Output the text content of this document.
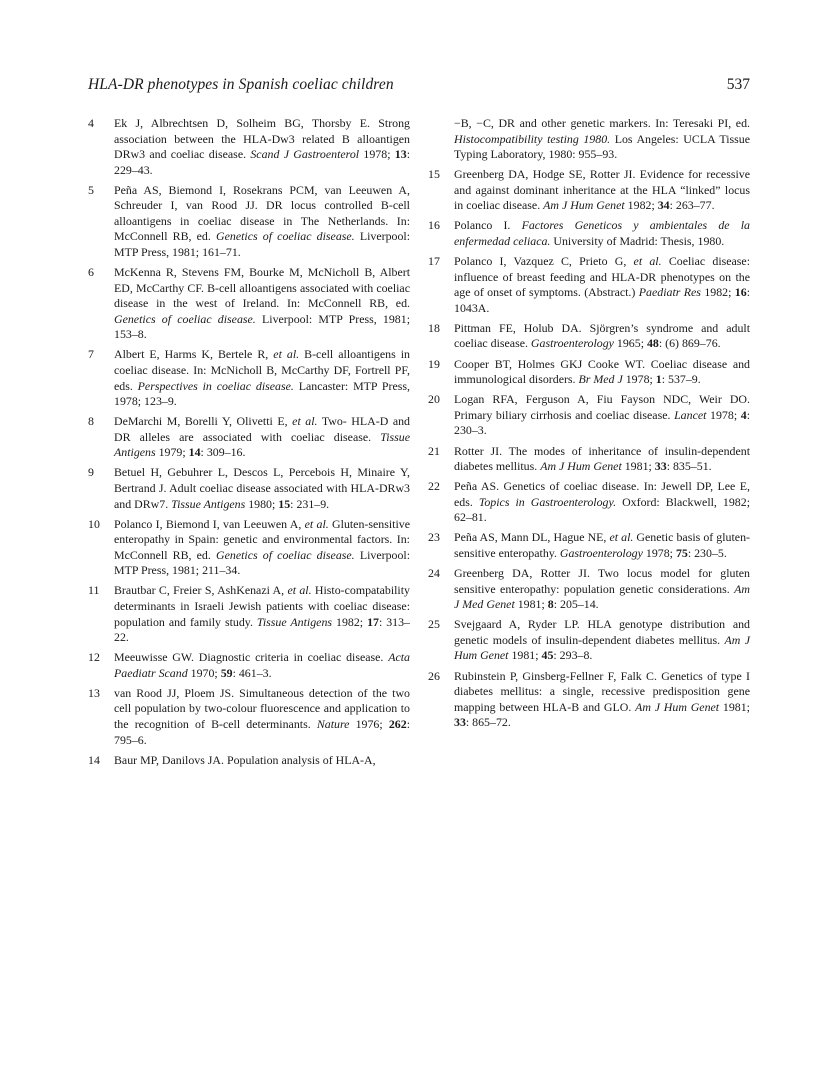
HLA-DR phenotypes in Spanish coeliac children	537
4	Ek J, Albrechtsen D, Solheim BG, Thorsby E. Strong association between the HLA-Dw3 related B alloantigen DRw3 and coeliac disease. Scand J Gastroenterol 1978; 13: 229–43.
5	Peña AS, Biemond I, Rosekrans PCM, van Leeuwen A, Schreuder I, van Rood JJ. DR locus controlled B-cell alloantigens in coeliac disease in The Netherlands. In: McConnell RB, ed. Genetics of coeliac disease. Liverpool: MTP Press, 1981; 161–71.
6	McKenna R, Stevens FM, Bourke M, McNicholl B, Albert ED, McCarthy CF. B-cell alloantigens associated with coeliac disease in the west of Ireland. In: McConnell RB, ed. Genetics of coeliac disease. Liverpool: MTP Press, 1981; 153–8.
7	Albert E, Harms K, Bertele R, et al. B-cell alloantigens in coeliac disease. In: McNicholl B, McCarthy DF, Fortrell PF, eds. Perspectives in coeliac disease. Lancaster: MTP Press, 1978; 123–9.
8	DeMarchi M, Borelli Y, Olivetti E, et al. Two- HLA-D and DR alleles are associated with coeliac disease. Tissue Antigens 1979; 14: 309–16.
9	Betuel H, Gebuhrer L, Descos L, Percebois H, Minaire Y, Bertrand J. Adult coeliac disease associated with HLA-DRw3 and DRw7. Tissue Antigens 1980; 15: 231–9.
10	Polanco I, Biemond I, van Leeuwen A, et al. Gluten-sensitive enteropathy in Spain: genetic and environmental factors. In: McConnell RB, ed. Genetics of coeliac disease. Liverpool: MTP Press, 1981; 211–34.
11	Brautbar C, Freier S, AshKenazi A, et al. Histo-compatability determinants in Israeli Jewish patients with coeliac disease: population and family study. Tissue Antigens 1982; 17: 313–22.
12	Meeuwisse GW. Diagnostic criteria in coeliac disease. Acta Paediatr Scand 1970; 59: 461–3.
13	van Rood JJ, Ploem JS. Simultaneous detection of the two cell population by two-colour fluorescence and application to the recognition of B-cell determinants. Nature 1976; 262: 795–6.
14	Baur MP, Danilovs JA. Population analysis of HLA-A,
−B, −C, DR and other genetic markers. In: Teresaki PI, ed. Histocompatibility testing 1980. Los Angeles: UCLA Tissue Typing Laboratory, 1980: 955–93.
15	Greenberg DA, Hodge SE, Rotter JI. Evidence for recessive and against dominant inheritance at the HLA “linked” locus in coeliac disease. Am J Hum Genet 1982; 34: 263–77.
16	Polanco I. Factores Geneticos y ambientales de la enfermedad celiaca. University of Madrid: Thesis, 1980.
17	Polanco I, Vazquez C, Prieto G, et al. Coeliac disease: influence of breast feeding and HLA-DR phenotypes on the age of onset of symptoms. (Abstract.) Paediatr Res 1982; 16: 1043A.
18	Pittman FE, Holub DA. Sjörgren’s syndrome and adult coeliac disease. Gastroenterology 1965; 48: (6) 869–76.
19	Cooper BT, Holmes GKJ Cooke WT. Coeliac disease and immunological disorders. Br Med J 1978; 1: 537–9.
20	Logan RFA, Ferguson A, Fiu Fayson NDC, Weir DO. Primary biliary cirrhosis and coeliac disease. Lancet 1978; 4: 230–3.
21	Rotter JI. The modes of inheritance of insulin-dependent diabetes mellitus. Am J Hum Genet 1981; 33: 835–51.
22	Peña AS. Genetics of coeliac disease. In: Jewell DP, Lee E, eds. Topics in Gastroenterology. Oxford: Blackwell, 1982; 62–81.
23	Peña AS, Mann DL, Hague NE, et al. Genetic basis of gluten-sensitive enteropathy. Gastroenterology 1978; 75: 230–5.
24	Greenberg DA, Rotter JI. Two locus model for gluten sensitive enteropathy: population genetic considerations. Am J Med Genet 1981; 8: 205–14.
25	Svejgaard A, Ryder LP. HLA genotype distribution and genetic models of insulin-dependent diabetes mellitus. Am J Hum Genet 1981; 45: 293–8.
26	Rubinstein P, Ginsberg-Fellner F, Falk C. Genetics of type I diabetes mellitus: a single, recessive predisposition gene mapping between HLA-B and GLO. Am J Hum Genet 1981; 33: 865–72.
